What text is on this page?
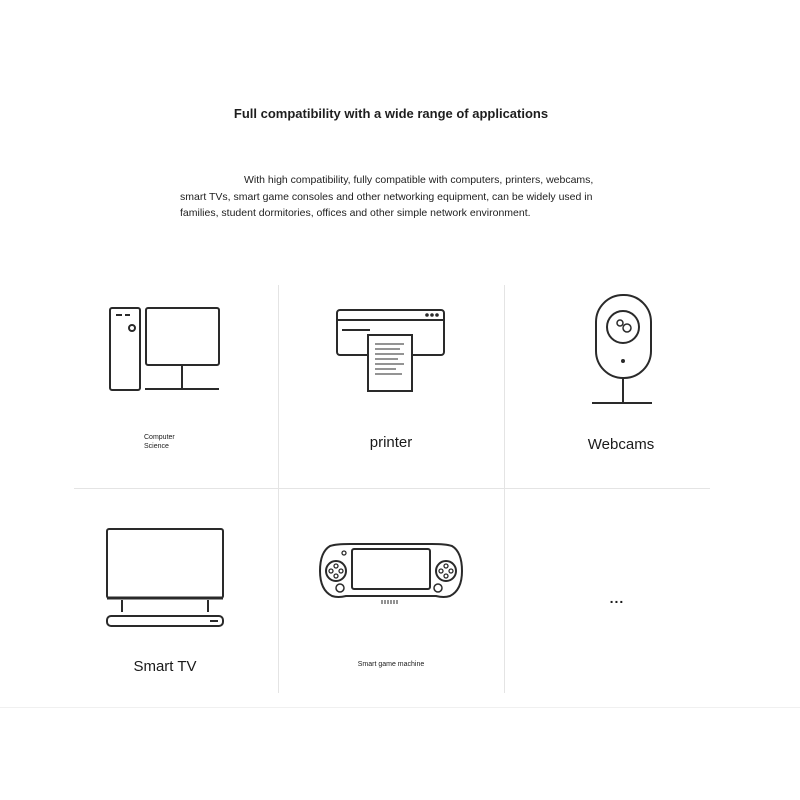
Full compatibility with a wide range of applications
With high compatibility, fully compatible with computers, printers, webcams, smart TVs, smart game consoles and other networking equipment, can be widely used in families, student dormitories, offices and other simple network environment.
Computer
Science	printer	Webcams
Smart TV	Smart game machine
...
